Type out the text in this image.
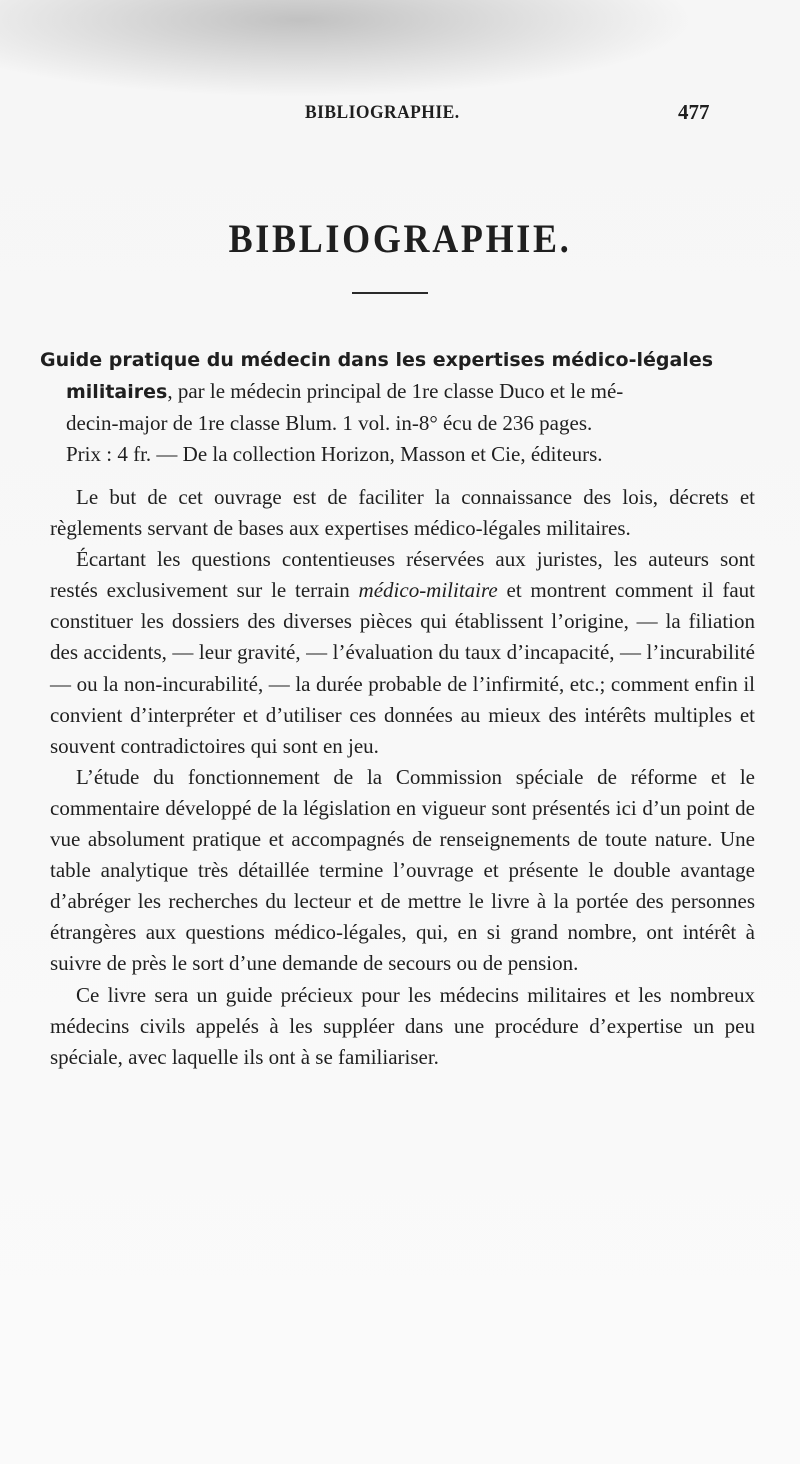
BIBLIOGRAPHIE.	477
BIBLIOGRAPHIE.
Guide pratique du médecin dans les expertises médico-légales
militaires, par le médecin principal de 1re classe Duco et le mé-
decin-major de 1re classe Blum. 1 vol. in-8° écu de 236 pages.
Prix : 4 fr. — De la collection Horizon, Masson et Cie, éditeurs.

Le but de cet ouvrage est de faciliter la connaissance des lois, décrets et règlements servant de bases aux expertises médico-légales militaires.

Écartant les questions contentieuses réservées aux juristes, les auteurs sont restés exclusivement sur le terrain médico-militaire et montrent comment il faut constituer les dossiers des diverses pièces qui établissent l’origine, — la filiation des accidents, — leur gravité, — l’évaluation du taux d’incapacité, — l’incurabilité — ou la non-incurabilité, — la durée probable de l’infirmité, etc.; comment enfin il convient d’interpréter et d’utiliser ces données au mieux des intérêts multiples et souvent contradictoires qui sont en jeu.

L’étude du fonctionnement de la Commission spéciale de réforme et le commentaire développé de la législation en vigueur sont présentés ici d’un point de vue absolument pratique et accompagnés de renseignements de toute nature. Une table analytique très détaillée termine l’ouvrage et présente le double avantage d’abréger les recherches du lecteur et de mettre le livre à la portée des personnes étrangères aux questions médico-légales, qui, en si grand nombre, ont intérêt à suivre de près le sort d’une demande de secours ou de pension.

Ce livre sera un guide précieux pour les médecins militaires et les nombreux médecins civils appelés à les suppléer dans une procédure d’expertise un peu spéciale, avec laquelle ils ont à se familiariser.
